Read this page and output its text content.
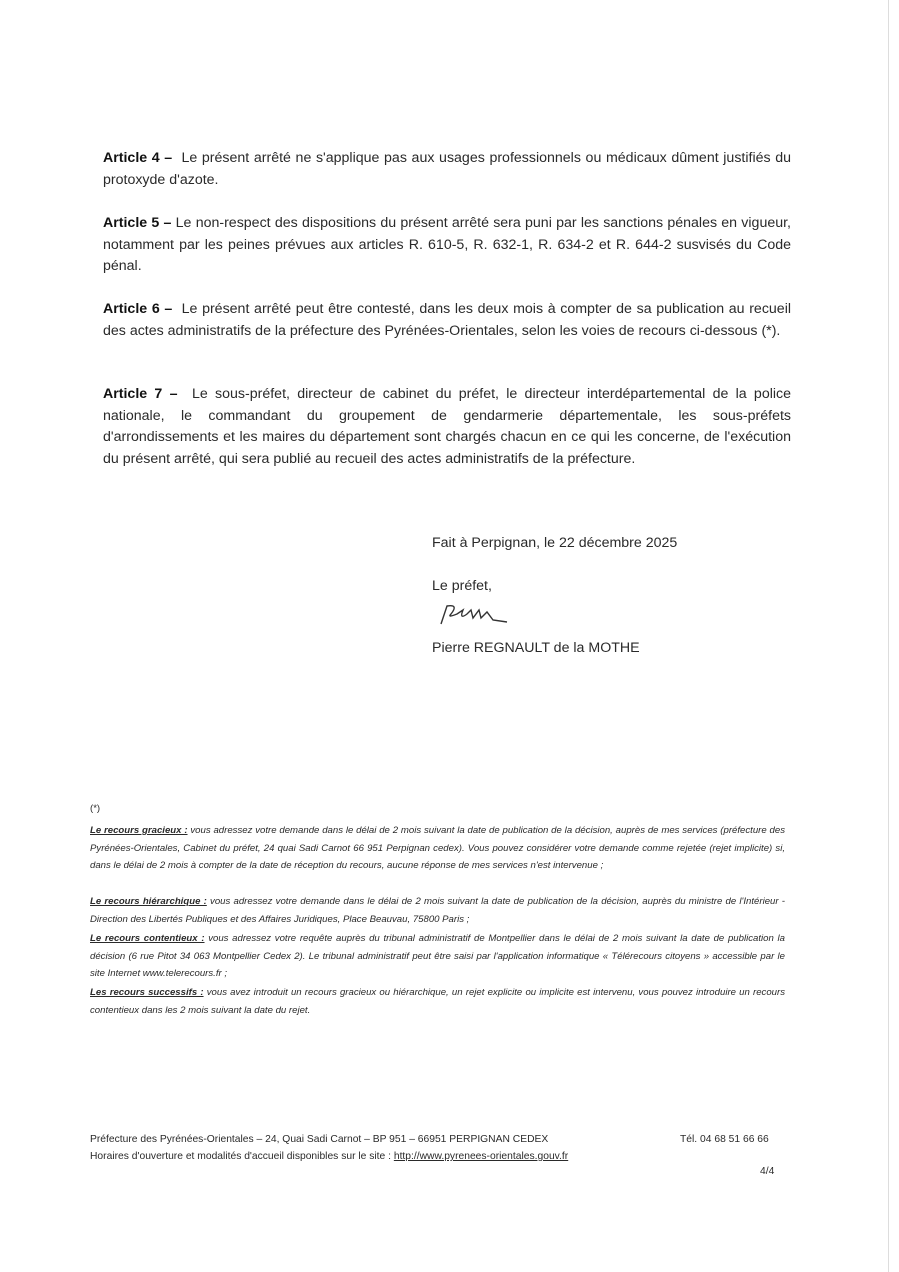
Article 4 – Le présent arrêté ne s'applique pas aux usages professionnels ou médicaux dûment justifiés du protoxyde d'azote.

Article 5 – Le non-respect des dispositions du présent arrêté sera puni par les sanctions pénales en vigueur, notamment par les peines prévues aux articles R. 610-5, R. 632-1, R. 634-2 et R. 644-2 susvisés du Code pénal.

Article 6 – Le présent arrêté peut être contesté, dans les deux mois à compter de sa publication au recueil des actes administratifs de la préfecture des Pyrénées-Orientales, selon les voies de recours ci-dessous (*).

Article 7 – Le sous-préfet, directeur de cabinet du préfet, le directeur interdépartemental de la police nationale, le commandant du groupement de gendarmerie départementale, les sous-préfets d'arrondissements et les maires du département sont chargés chacun en ce qui les concerne, de l'exécution du présent arrêté, qui sera publié au recueil des actes administratifs de la préfecture.

Fait à Perpignan, le 22 décembre 2025
Le préfet,
Pierre REGNAULT de la MOTHE
(*)

Le recours gracieux : vous adressez votre demande dans le délai de 2 mois suivant la date de publication de la décision, auprès de mes services (préfecture des Pyrénées-Orientales, Cabinet du préfet, 24 quai Sadi Carnot 66 951 Perpignan cedex). Vous pouvez considérer votre demande comme rejetée (rejet implicite) si, dans le délai de 2 mois à compter de la date de réception du recours, aucune réponse de mes services n'est intervenue ;

Le recours hiérarchique : vous adressez votre demande dans le délai de 2 mois suivant la date de publication de la décision, auprès du ministre de l'Intérieur - Direction des Libertés Publiques et des Affaires Juridiques, Place Beauvau, 75800 Paris ;

Le recours contentieux : vous adressez votre requête auprès du tribunal administratif de Montpellier dans le délai de 2 mois suivant la date de publication la décision (6 rue Pitot 34 063 Montpellier Cedex 2). Le tribunal administratif peut être saisi par l'application informatique « Télérecours citoyens » accessible par le site Internet www.telerecours.fr ;

Les recours successifs : vous avez introduit un recours gracieux ou hiérarchique, un rejet explicite ou implicite est intervenu, vous pouvez introduire un recours contentieux dans les 2 mois suivant la date du rejet.

Préfecture des Pyrénées-Orientales – 24, Quai Sadi Carnot – BP 951 – 66951 PERPIGNAN CEDEX
Horaires d'ouverture et modalités d'accueil disponibles sur le site : http://www.pyrenees-orientales.gouv.fr
Tél. 04 68 51 66 66
4/4
